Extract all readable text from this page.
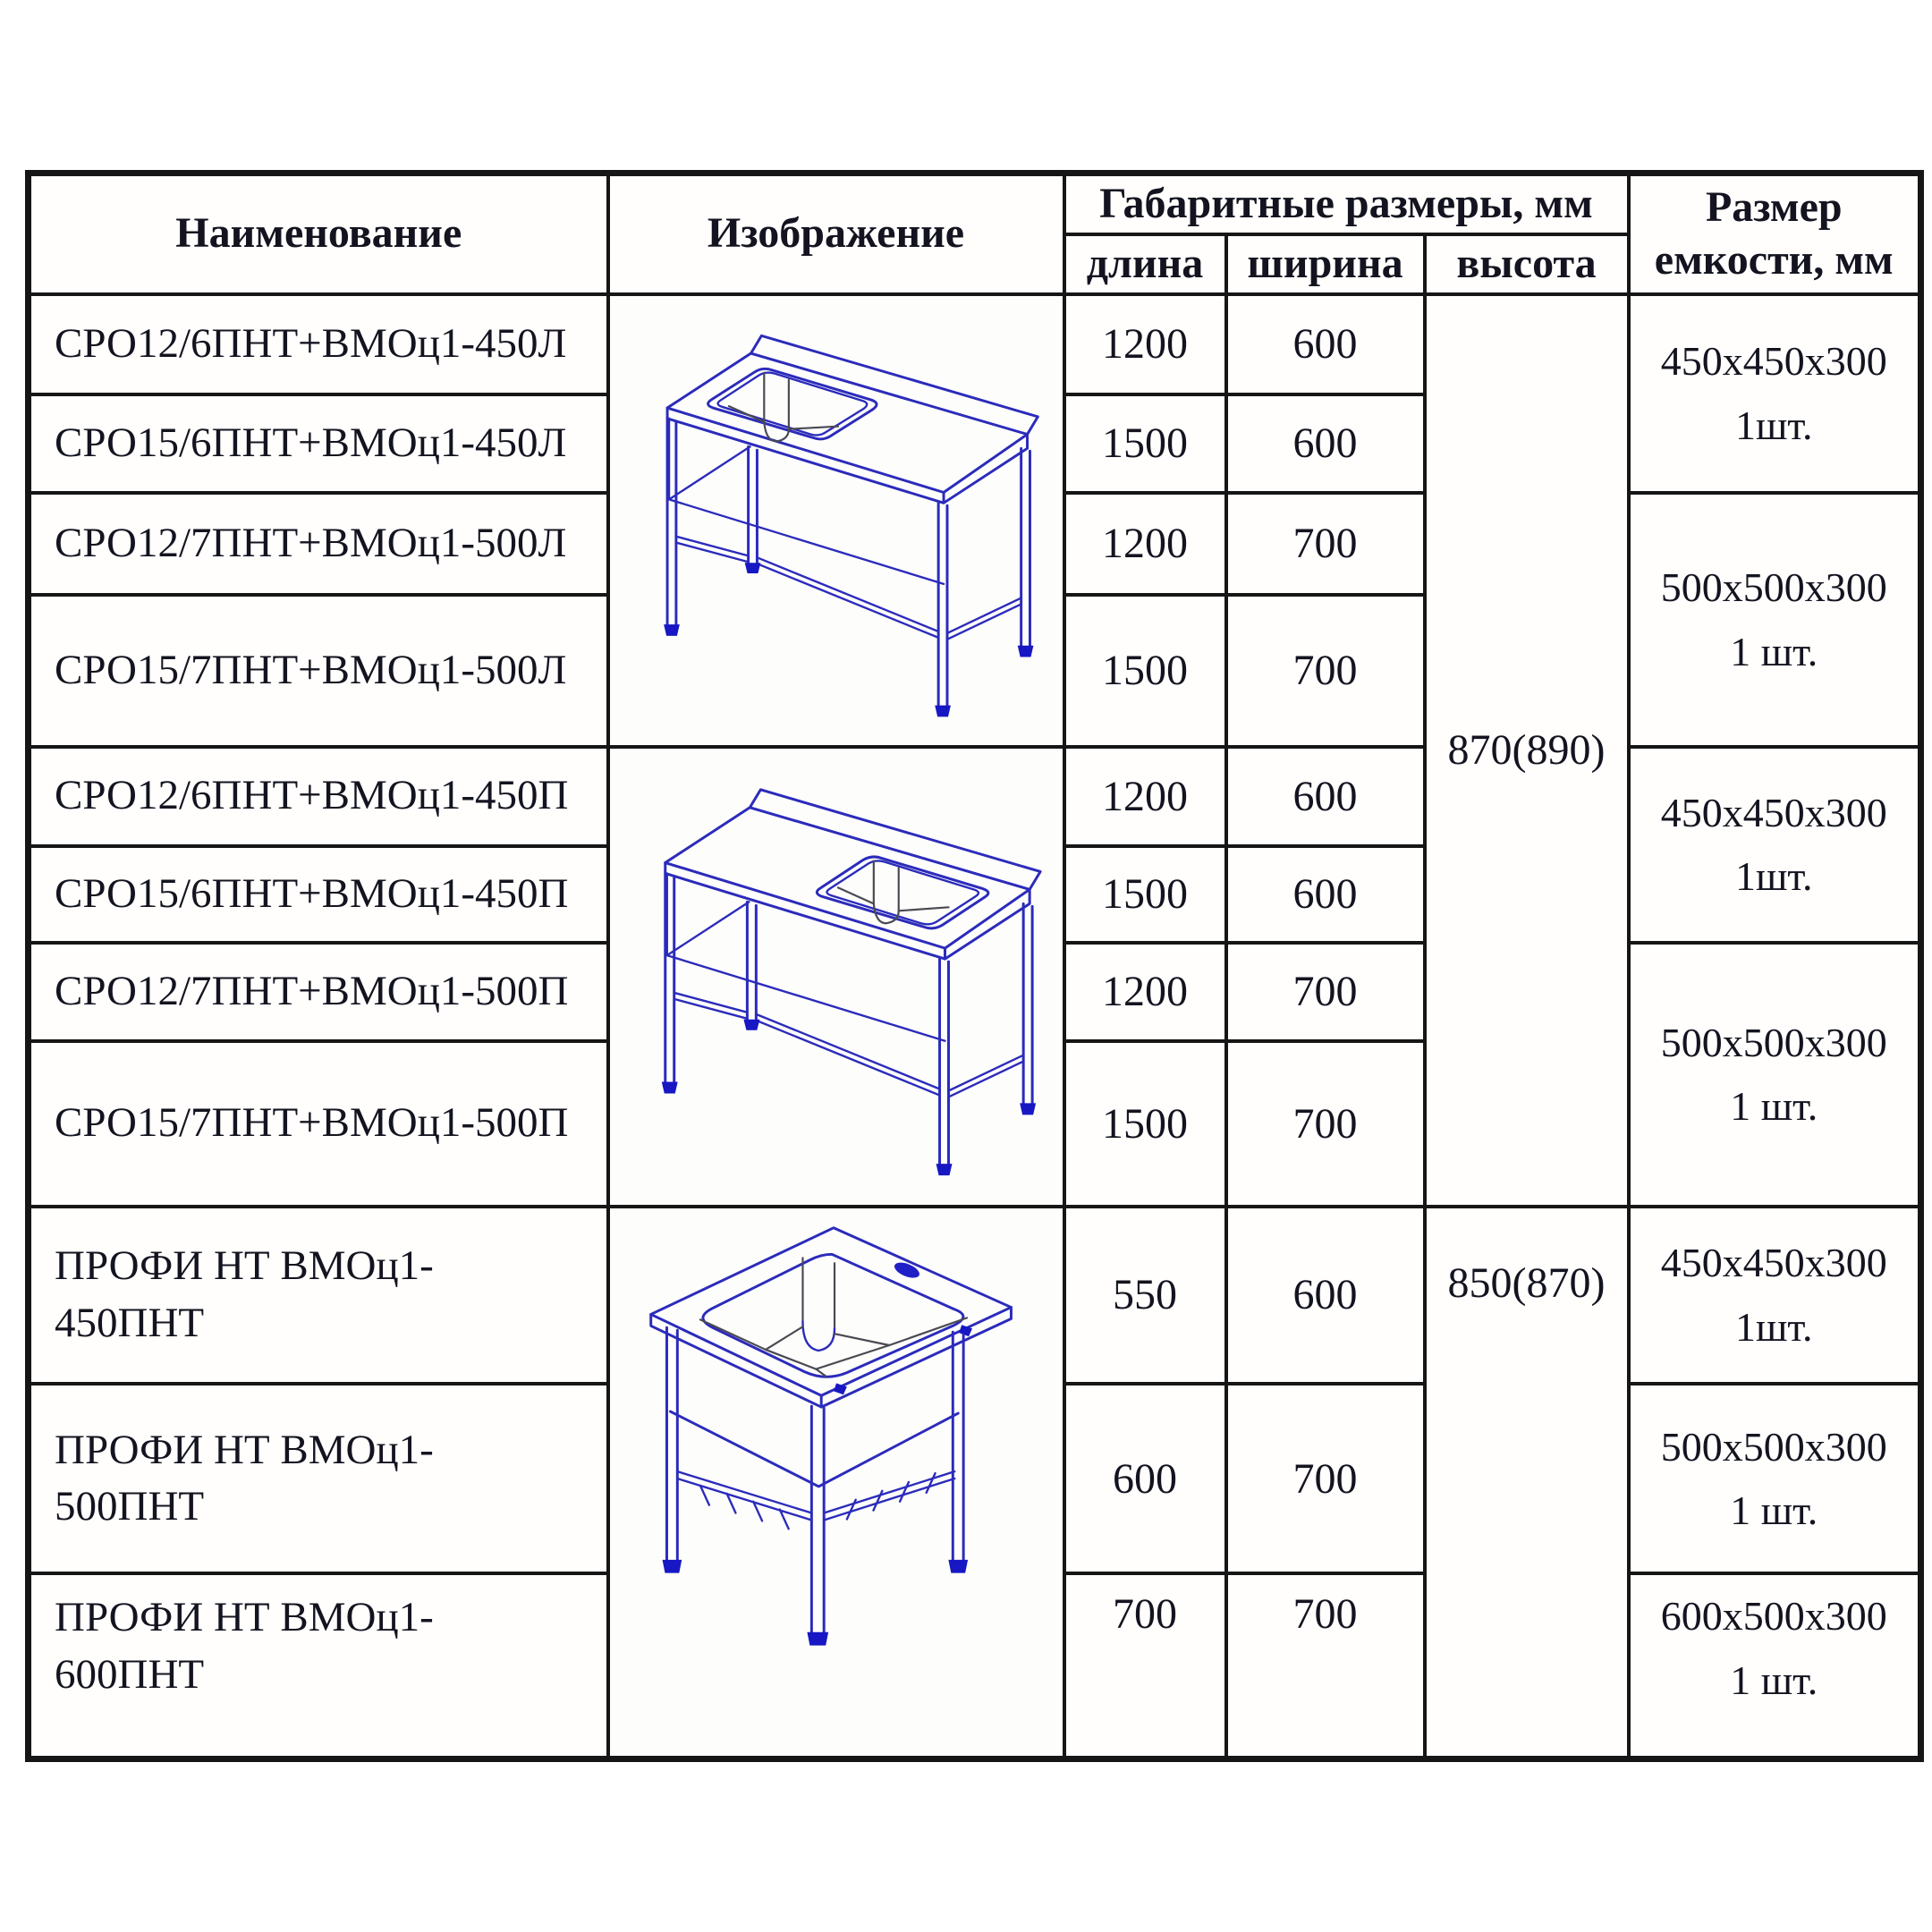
Наименование	Изображение	Габаритные размеры, мм			Размер емкости, мм
		длина	ширина	высота	
СРО12/6ПНТ+ВМОц1-450Л		1200	600	870(890)	450x450x300
1шт.

СРО15/6ПНТ+ВМОц1-450Л		1500	600		
СРО12/7ПНТ+ВМОц1-500Л		1200	700		500x500x300
1 шт.

СРО15/7ПНТ+ВМОц1-500Л		1500	700		
СРО12/6ПНТ+ВМОц1-450П		1200	600		450x450x300
1шт.

СРО15/6ПНТ+ВМОц1-450П		1500	600		
СРО12/7ПНТ+ВМОц1-500П		1200	700		500x500x300
1 шт.

СРО15/7ПНТ+ВМОц1-500П		1500	700		
ПРОФИ НТ ВМОц1-450ПНТ		550	600	850(870)	450x450x300
1шт.

ПРОФИ НТ ВМОц1-500ПНТ		600	700		500x500x300
1 шт.

ПРОФИ НТ ВМОц1-600ПНТ		700	700		600x500x300
1 шт.
